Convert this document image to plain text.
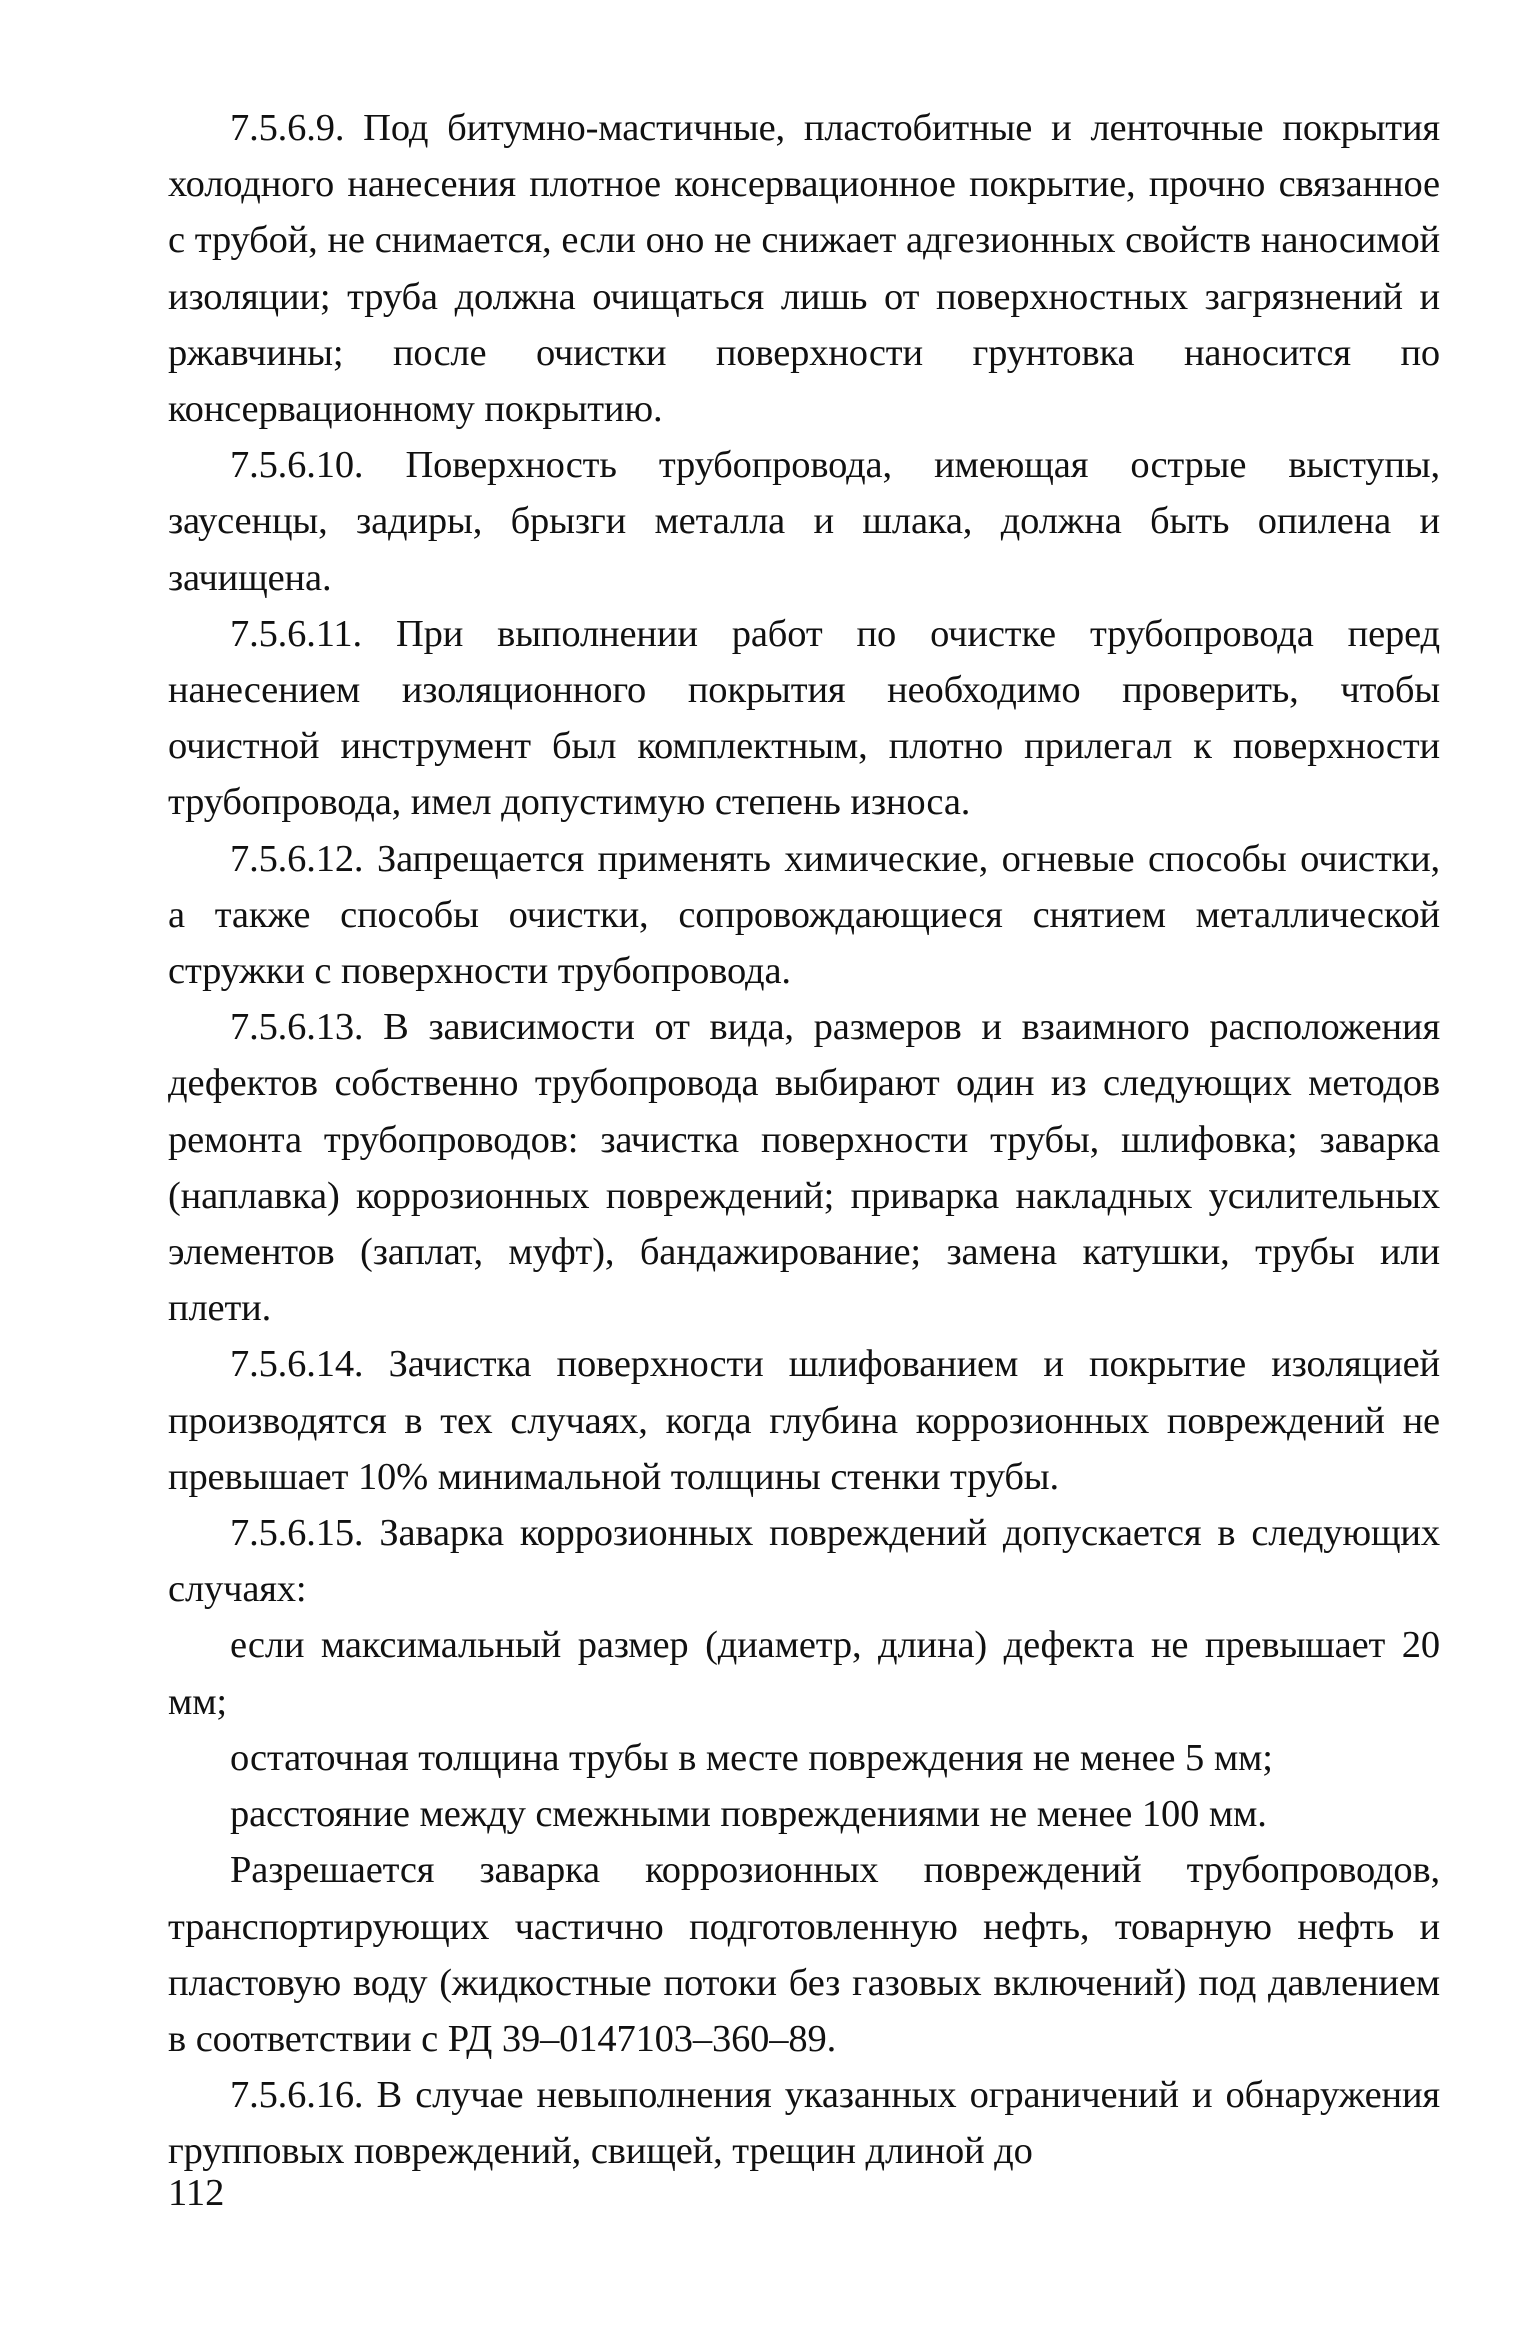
7.5.6.9. Под битумно-мастичные, пластобитные и ленточные покрытия холодного нанесения плотное консервационное покрытие, прочно связанное с трубой, не снимается, если оно не снижает адгезионных свойств наносимой изоляции; труба должна очищаться лишь от поверхностных загрязнений и ржавчины; после очистки поверхности грунтовка наносится по консервационному покрытию.

7.5.6.10. Поверхность трубопровода, имеющая острые выступы, заусенцы, задиры, брызги металла и шлака, должна быть опилена и зачищена.

7.5.6.11. При выполнении работ по очистке трубопровода перед нанесением изоляционного покрытия необходимо проверить, чтобы очистной инструмент был комплектным, плотно прилегал к поверхности трубопровода, имел допустимую степень износа.

7.5.6.12. Запрещается применять химические, огневые способы очистки, а также способы очистки, сопровождающиеся снятием металлической стружки с поверхности трубопровода.

7.5.6.13. В зависимости от вида, размеров и взаимного расположения дефектов собственно трубопровода выбирают один из следующих методов ремонта трубопроводов: зачистка поверхности трубы, шлифовка; заварка (наплавка) коррозионных повреждений; приварка накладных усилительных элементов (заплат, муфт), бандажирование; замена катушки, трубы или плети.

7.5.6.14. Зачистка поверхности шлифованием и покрытие изоляцией производятся в тех случаях, когда глубина коррозионных повреждений не превышает 10% минимальной толщины стенки трубы.

7.5.6.15. Заварка коррозионных повреждений допускается в следующих случаях:

если максимальный размер (диаметр, длина) дефекта не превышает 20 мм;

остаточная толщина трубы в месте повреждения не менее 5 мм;

расстояние между смежными повреждениями не менее 100 мм.

Разрешается заварка коррозионных повреждений трубопроводов, транспортирующих частично подготовленную нефть, товарную нефть и пластовую воду (жидкостные потоки без газовых включений) под давлением в соответствии с РД 39–0147103–360–89.

7.5.6.16. В случае невыполнения указанных ограничений и обнаружения групповых повреждений, свищей, трещин длиной до

112
